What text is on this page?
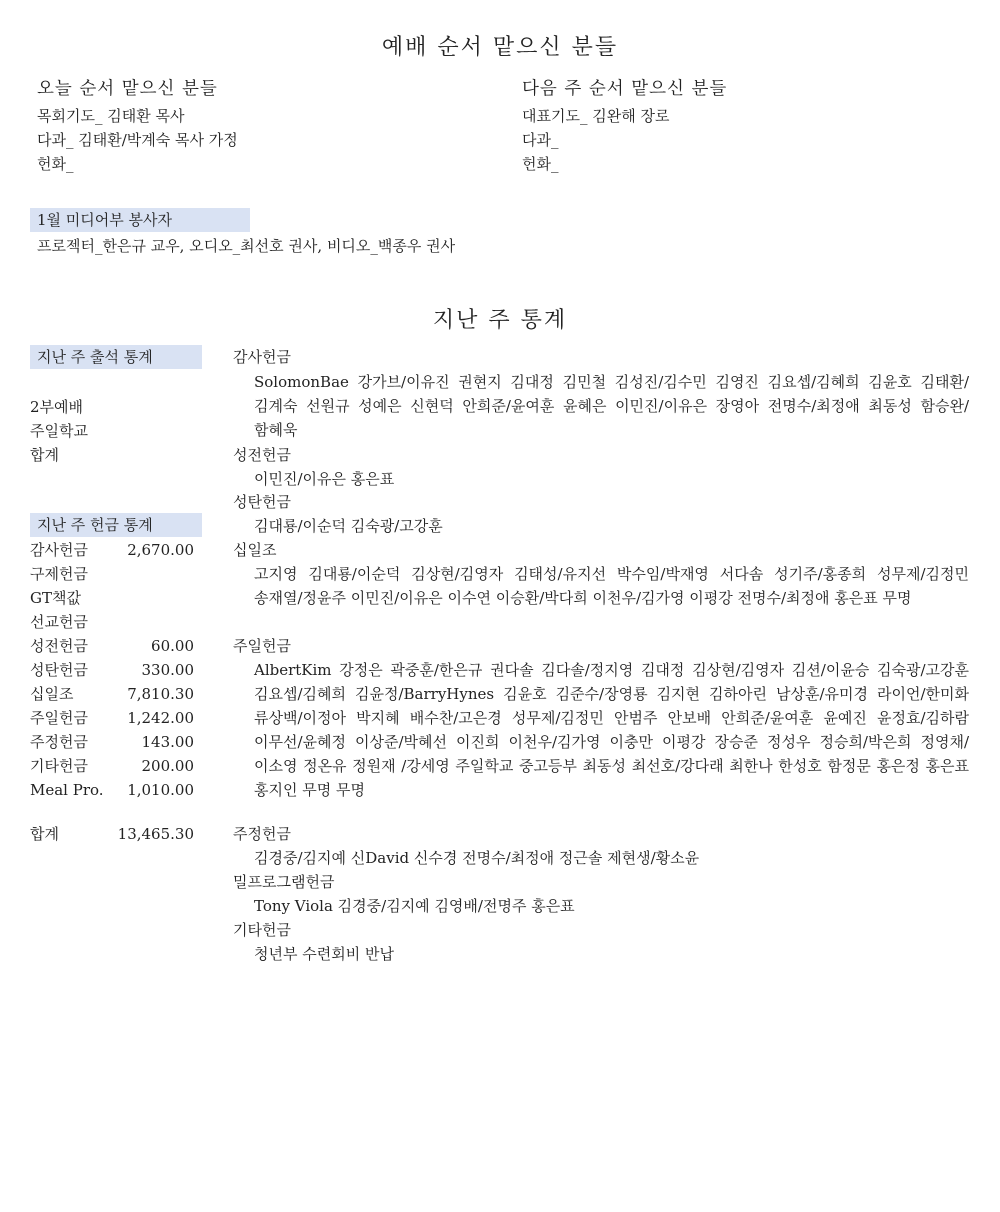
예배 순서 맡으신 분들
오늘 순서 맡으신 분들
목회기도_ 김태환 목사
다과_ 김태환/박계숙 목사 가정
헌화_
다음 주 순서 맡으신 분들
대표기도_ 김완해 장로
다과_
헌화_
1월 미디어부 봉사자
프로젝터_한은규 교우, 오디오_최선호 권사, 비디오_백종우 권사
지난 주 통계
지난 주 출석 통계
2부예배
주일학교
합계
지난 주 헌금 통계
감사헌금	2,670.00
구제헌금
GT책값
선교헌금
성전헌금	60.00
성탄헌금	330.00
십일조	7,810.30
주일헌금	1,242.00
주정헌금	143.00
기타헌금	200.00
Meal Pro.	1,010.00
합계	13,465.30
감사헌금
SolomonBae 강가브/이유진 권현지 김대정 김민철 김성진/김수민 김영진 김요셉/김혜희 김윤호 김태환/김계숙 선원규 성예은 신현덕 안희준/윤여훈 윤혜은 이민진/이유은 장영아 전명수/최정애 최동성 함승완/함혜욱
성전헌금
이민진/이유은 홍은표
성탄헌금
김대룡/이순덕 김숙광/고강훈
십일조
고지영 김대룡/이순덕 김상현/김영자 김태성/유지선 박수임/박재영 서다솜 성기주/홍종희 성무제/김정민 송재열/정윤주 이민진/이유은 이수연 이승환/박다희 이천우/김가영 이평강 전명수/최정애 홍은표 무명
주일헌금
AlbertKim 강정은 곽중훈/한은규 권다솔 김다솔/정지영 김대정 김상현/김영자 김션/이윤승 김숙광/고강훈 김요셉/김혜희 김윤정/BarryHynes 김윤호 김준수/장영룡 김지현 김하아린 남상훈/유미경 라이언/한미화 류상백/이정아 박지혜 배수찬/고은경 성무제/김정민 안범주 안보배 안희준/윤여훈 윤예진 윤정효/김하람 이무선/윤혜정 이상준/박혜선 이진희 이천우/김가영 이충만 이평강 장승준 정성우 정승희/박은희 정영채/이소영 정온유 정원재 /강세영 주일학교 중고등부 최동성 최선호/강다래 최한나 한성호 함정문 홍은정 홍은표 홍지인 무명 무명
주정헌금
김경중/김지예 신David 신수경 전명수/최정애 정근솔 제현생/황소윤
밀프로그램헌금
Tony Viola 김경중/김지예 김영배/전명주 홍은표
기타헌금
청년부 수련회비 반납
